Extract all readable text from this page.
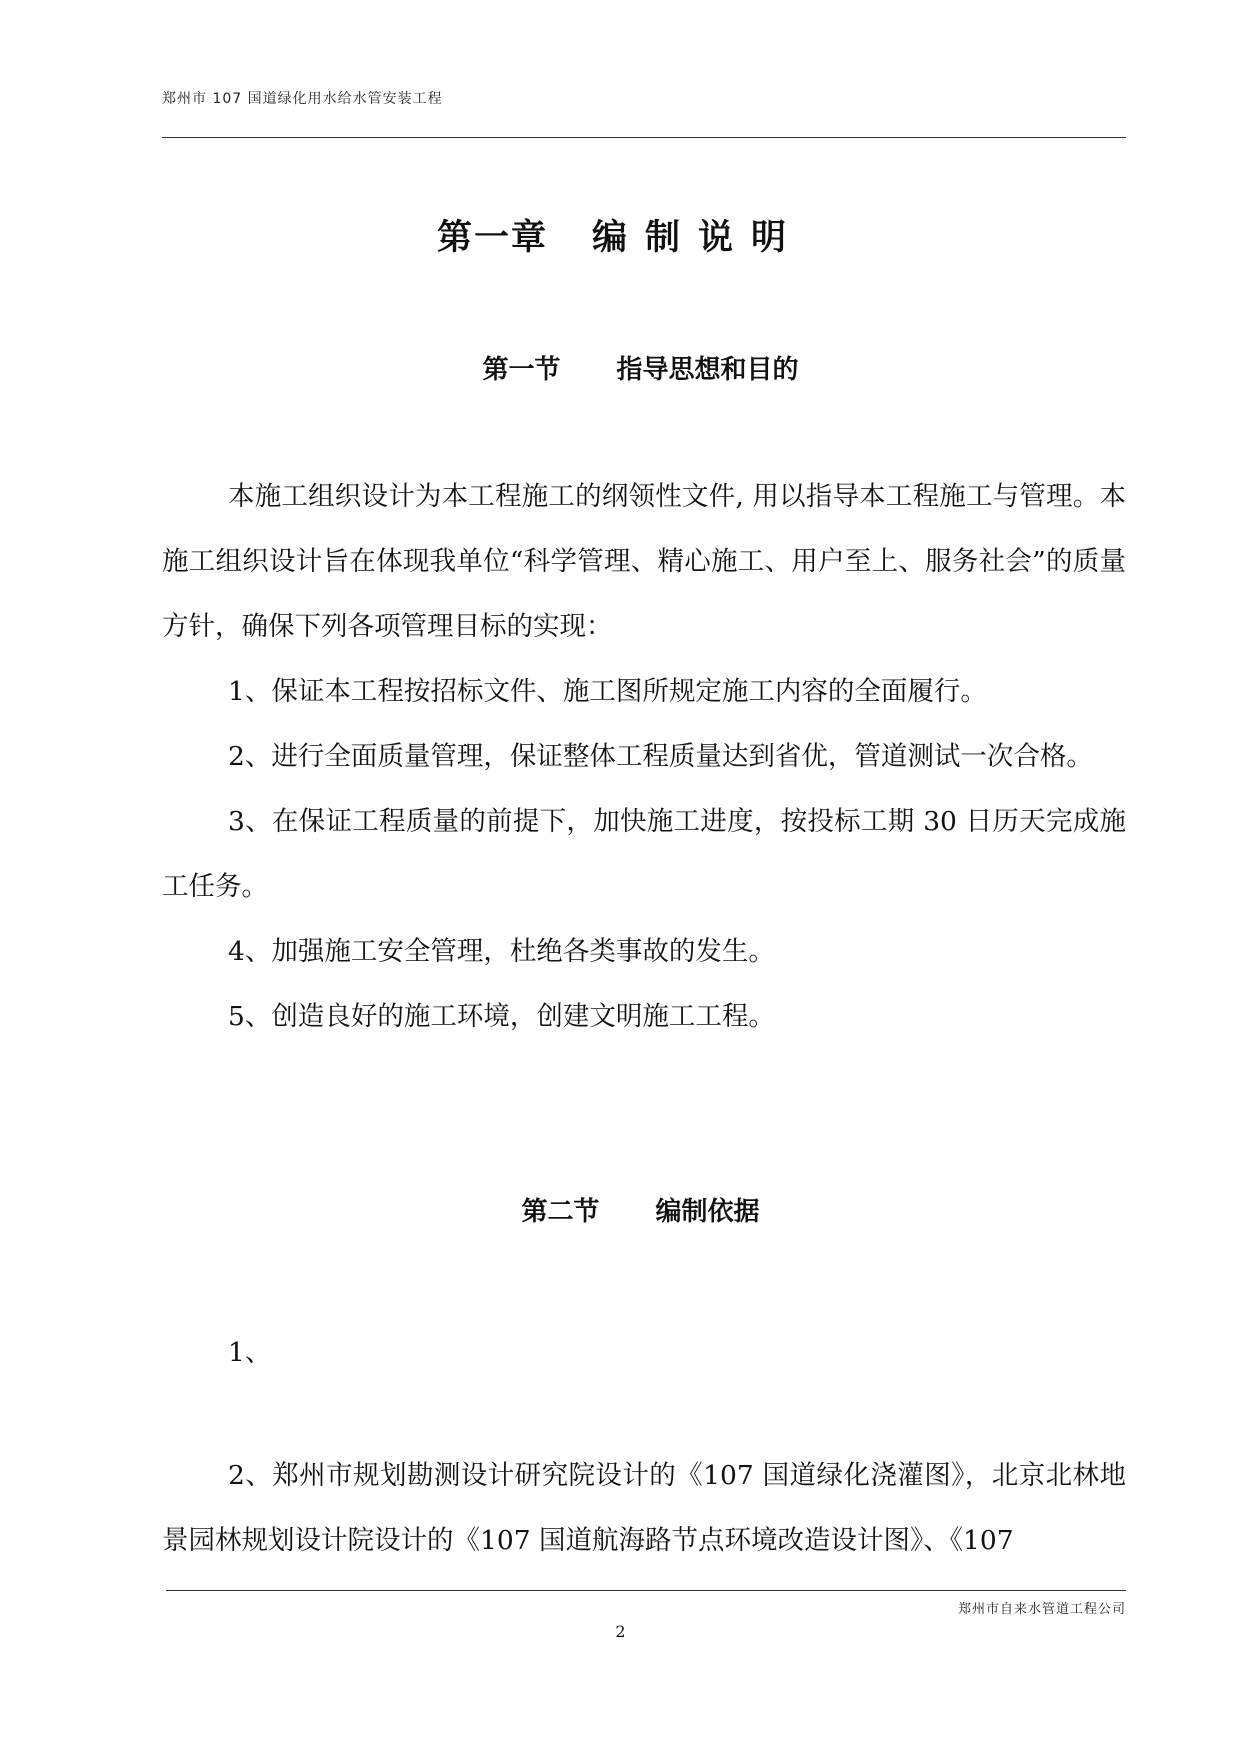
郑州市 107 国道绿化用水给水管安装工程
第一章 编制说明
第一节 指导思想和目的
本施工组织设计为本工程施工的纲领性文件, 用以指导本工程施工与管理。本施工组织设计旨在体现我单位“科学管理、精心施工、用户至上、服务社会”的质量方针，确保下列各项管理目标的实现：
1、保证本工程按招标文件、施工图所规定施工内容的全面履行。
2、进行全面质量管理，保证整体工程质量达到省优，管道测试一次合格。
3、在保证工程质量的前提下，加快施工进度，按投标工期 30 日历天完成施工任务。
4、加强施工安全管理，杜绝各类事故的发生。
5、创造良好的施工环境，创建文明施工工程。
第二节 编制依据
1、
2、郑州市规划勘测设计研究院设计的《107 国道绿化浇灌图》，北京北林地景园林规划设计院设计的《107 国道航海路节点环境改造设计图》、《107
郑州市自来水管道工程公司
2
